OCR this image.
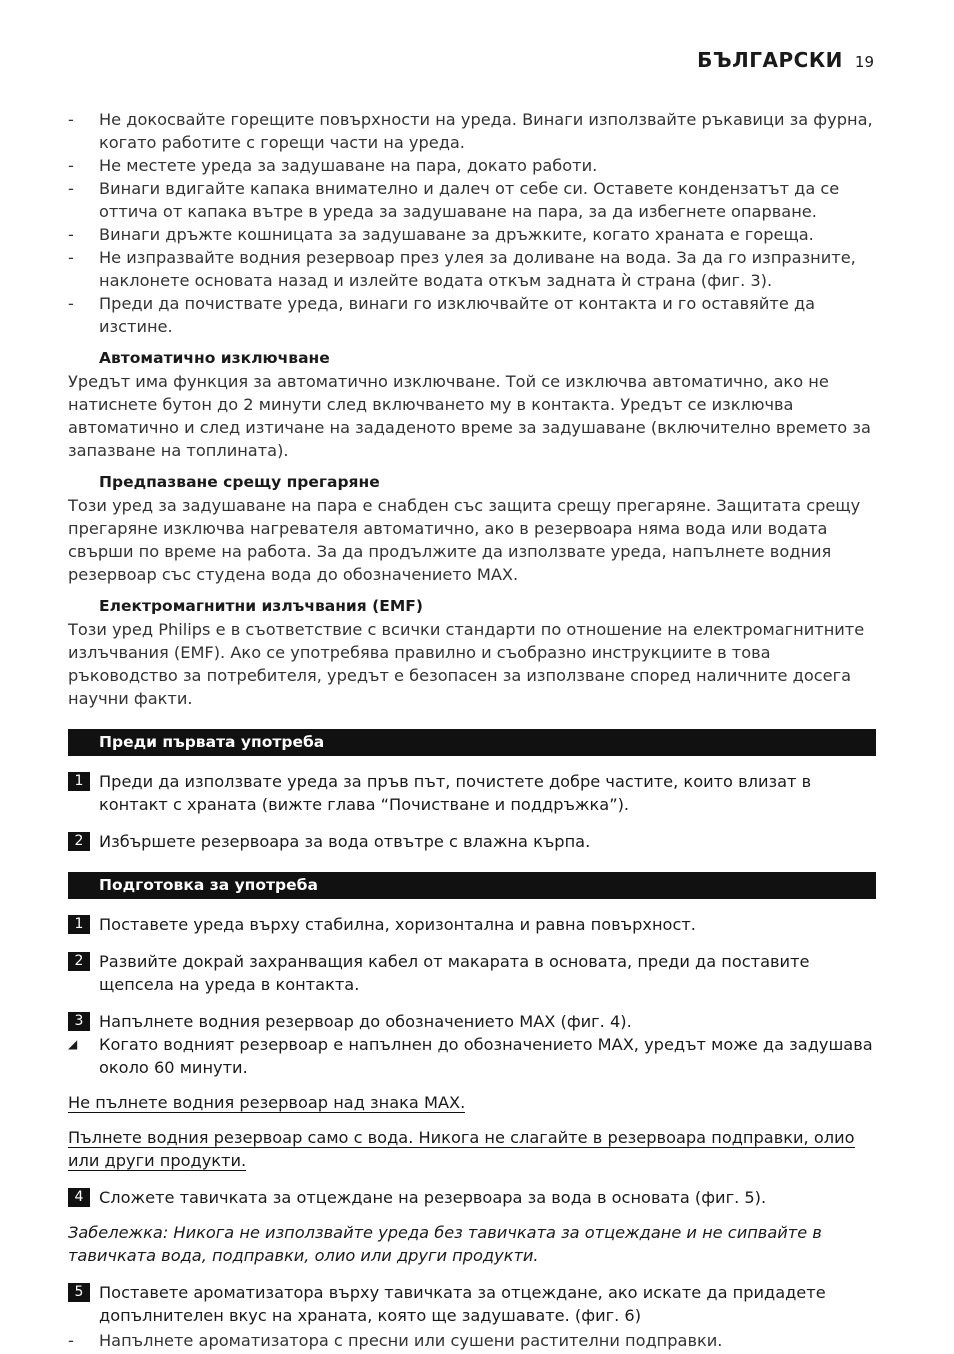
БЪЛГАРСКИ 19
- Не докосвайте горещите повърхности на уреда. Винаги използвайте ръкавици за фурна, когато работите с горещи части на уреда.
- Не местете уреда за задушаване на пара, докато работи.
- Винаги вдигайте капака внимателно и далеч от себе си. Оставете кондензатът да се оттича от капака вътре в уреда за задушаване на пара, за да избегнете опарване.
- Винаги дръжте кошницата за задушаване за дръжките, когато храната е гореща.
- Не изпразвайте водния резервоар през улея за доливане на вода. За да го изпразните, наклонете основата назад и излейте водата откъм задната ѝ страна (фиг. 3).
- Преди да почиствате уреда, винаги го изключвайте от контакта и го оставяйте да изстине.
Автоматично изключване

Уредът има функция за автоматично изключване. Той се изключва автоматично, ако не натиснете бутон до 2 минути след включването му в контакта. Уредът се изключва автоматично и след изтичане на зададеното време за задушаване (включително времето за запазване на топлината).

Предпазване срещу прегаряне

Този уред за задушаване на пара е снабден със защита срещу прегаряне. Защитата срещу прегаряне изключва нагревателя автоматично, ако в резервоара няма вода или водата свърши по време на работа. За да продължите да използвате уреда, напълнете водния резервоар със студена вода до обозначението MAX.

Електромагнитни излъчвания (EMF)

Този уред Philips е в съответствие с всички стандарти по отношение на електромагнитните излъчвания (EMF). Ако се употребява правилно и съобразно инструкциите в това ръководство за потребителя, уредът е безопасен за използване според наличните досега научни факти.

Преди първата употреба
1 Преди да използвате уреда за пръв път, почистете добре частите, които влизат в контакт с храната (вижте глава “Почистване и поддръжка”).
2 Избършете резервоара за вода отвътре с влажна кърпа.
Подготовка за употреба
1 Поставете уреда върху стабилна, хоризонтална и равна повърхност.
2 Развийте докрай захранващия кабел от макарата в основата, преди да поставите щепсела на уреда в контакта.
3 Напълнете водния резервоар до обозначението MAX (фиг. 4).
◢	Когато водният резервоар е напълнен до обозначението MAX, уредът може да задушава около 60 минути.
Не пълнете водния резервоар над знака MAX.
Пълнете водния резервоар само с вода. Никога не слагайте в резервоара подправки, олио или други продукти.
4 Сложете тавичката за отцеждане на резервоара за вода в основата (фиг. 5).
Забележка: Никога не използвайте уреда без тавичката за отцеждане и не сипвайте в тавичката вода, подправки, олио или други продукти.
5 Поставете ароматизатора върху тавичката за отцеждане, ако искате да придадете допълнителен вкус на храната, която ще задушавате. (фиг. 6)
- Напълнете ароматизатора с пресни или сушени растителни подправки.
